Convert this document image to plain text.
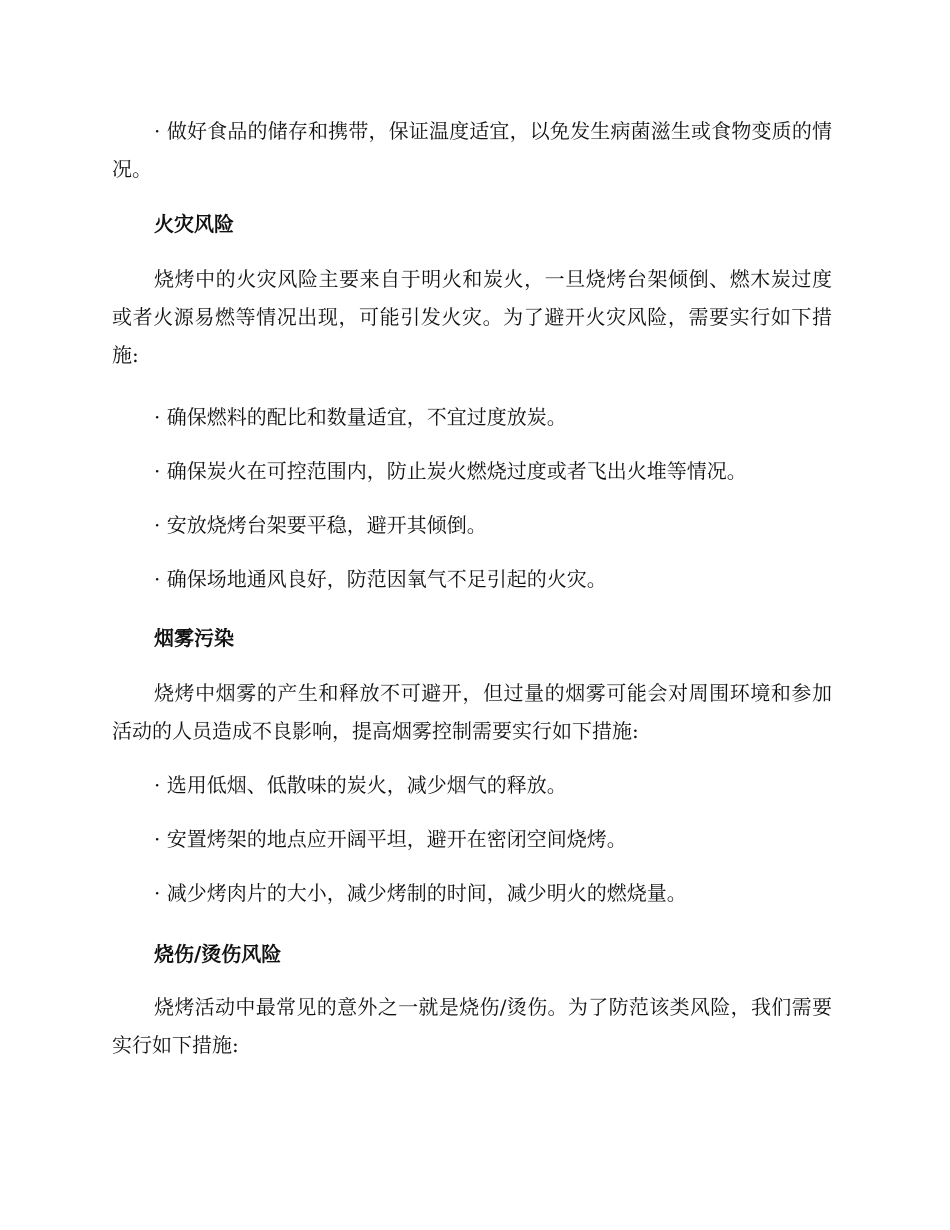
· 做好食品的储存和携带，保证温度适宜，以免发生病菌滋生或食物变质的情况。

火灾风险

烧烤中的火灾风险主要来自于明火和炭火，一旦烧烤台架倾倒、燃木炭过度或者火源易燃等情况出现，可能引发火灾。为了避开火灾风险，需要实行如下措施:

· 确保燃料的配比和数量适宜，不宜过度放炭。

· 确保炭火在可控范围内，防止炭火燃烧过度或者飞出火堆等情况。

· 安放烧烤台架要平稳，避开其倾倒。

· 确保场地通风良好，防范因氧气不足引起的火灾。

烟雾污染

烧烤中烟雾的产生和释放不可避开，但过量的烟雾可能会对周围环境和参加活动的人员造成不良影响，提高烟雾控制需要实行如下措施:

· 选用低烟、低散味的炭火，减少烟气的释放。

· 安置烤架的地点应开阔平坦，避开在密闭空间烧烤。

· 减少烤肉片的大小，减少烤制的时间，减少明火的燃烧量。

烧伤/烫伤风险

烧烤活动中最常见的意外之一就是烧伤/烫伤。为了防范该类风险，我们需要实行如下措施:
